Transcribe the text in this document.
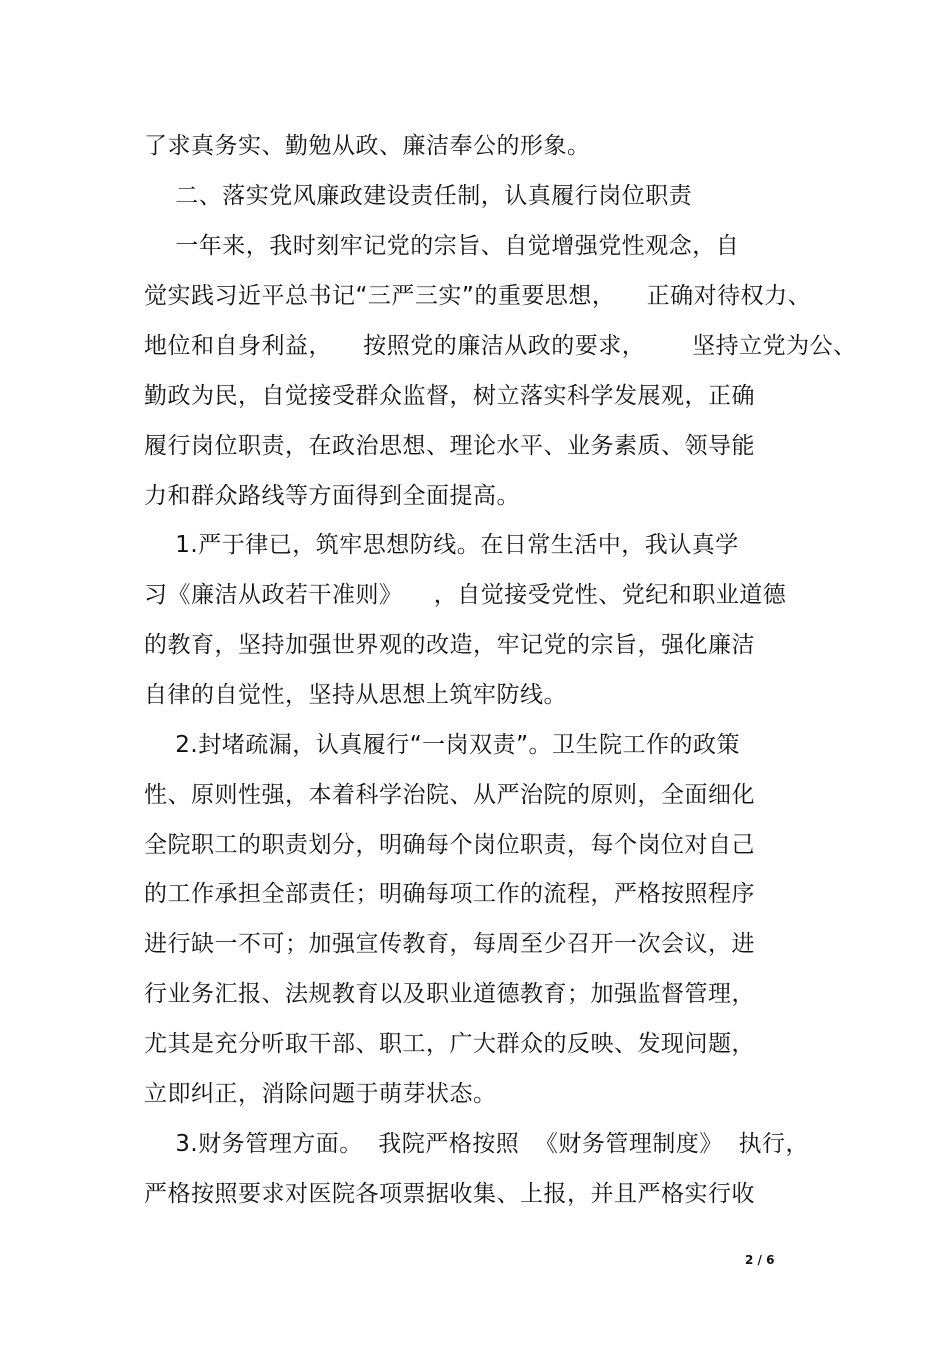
了求真务实、勤勉从政、廉洁奉公的形象。
二、落实党风廉政建设责任制，认真履行岗位职责
一年来，我时刻牢记党的宗旨、自觉增强党性观念，自
觉实践习近平总书记“三严三实”的重要思想，    正确对待权力、
地位和自身利益，    按照党的廉洁从政的要求，      坚持立党为公、
勤政为民，自觉接受群众监督，树立落实科学发展观，正确
履行岗位职责，在政治思想、理论水平、业务素质、领导能
力和群众路线等方面得到全面提高。
1.严于律已，筑牢思想防线。在日常生活中，我认真学
习《廉洁从政若干准则》    ，自觉接受党性、党纪和职业道德
的教育，坚持加强世界观的改造，牢记党的宗旨，强化廉洁
自律的自觉性，坚持从思想上筑牢防线。
2.封堵疏漏，认真履行“一岗双责”。卫生院工作的政策
性、原则性强，本着科学治院、从严治院的原则，全面细化
全院职工的职责划分，明确每个岗位职责，每个岗位对自己
的工作承担全部责任；明确每项工作的流程，严格按照程序
进行缺一不可；加强宣传教育，每周至少召开一次会议，进
行业务汇报、法规教育以及职业道德教育；加强监督管理，
尤其是充分听取干部、职工，广大群众的反映、发现问题，
立即纠正，消除问题于萌芽状态。
3.财务管理方面。  我院严格按照  《财务管理制度》  执行，
严格按照要求对医院各项票据收集、上报，并且严格实行收
2 / 6
